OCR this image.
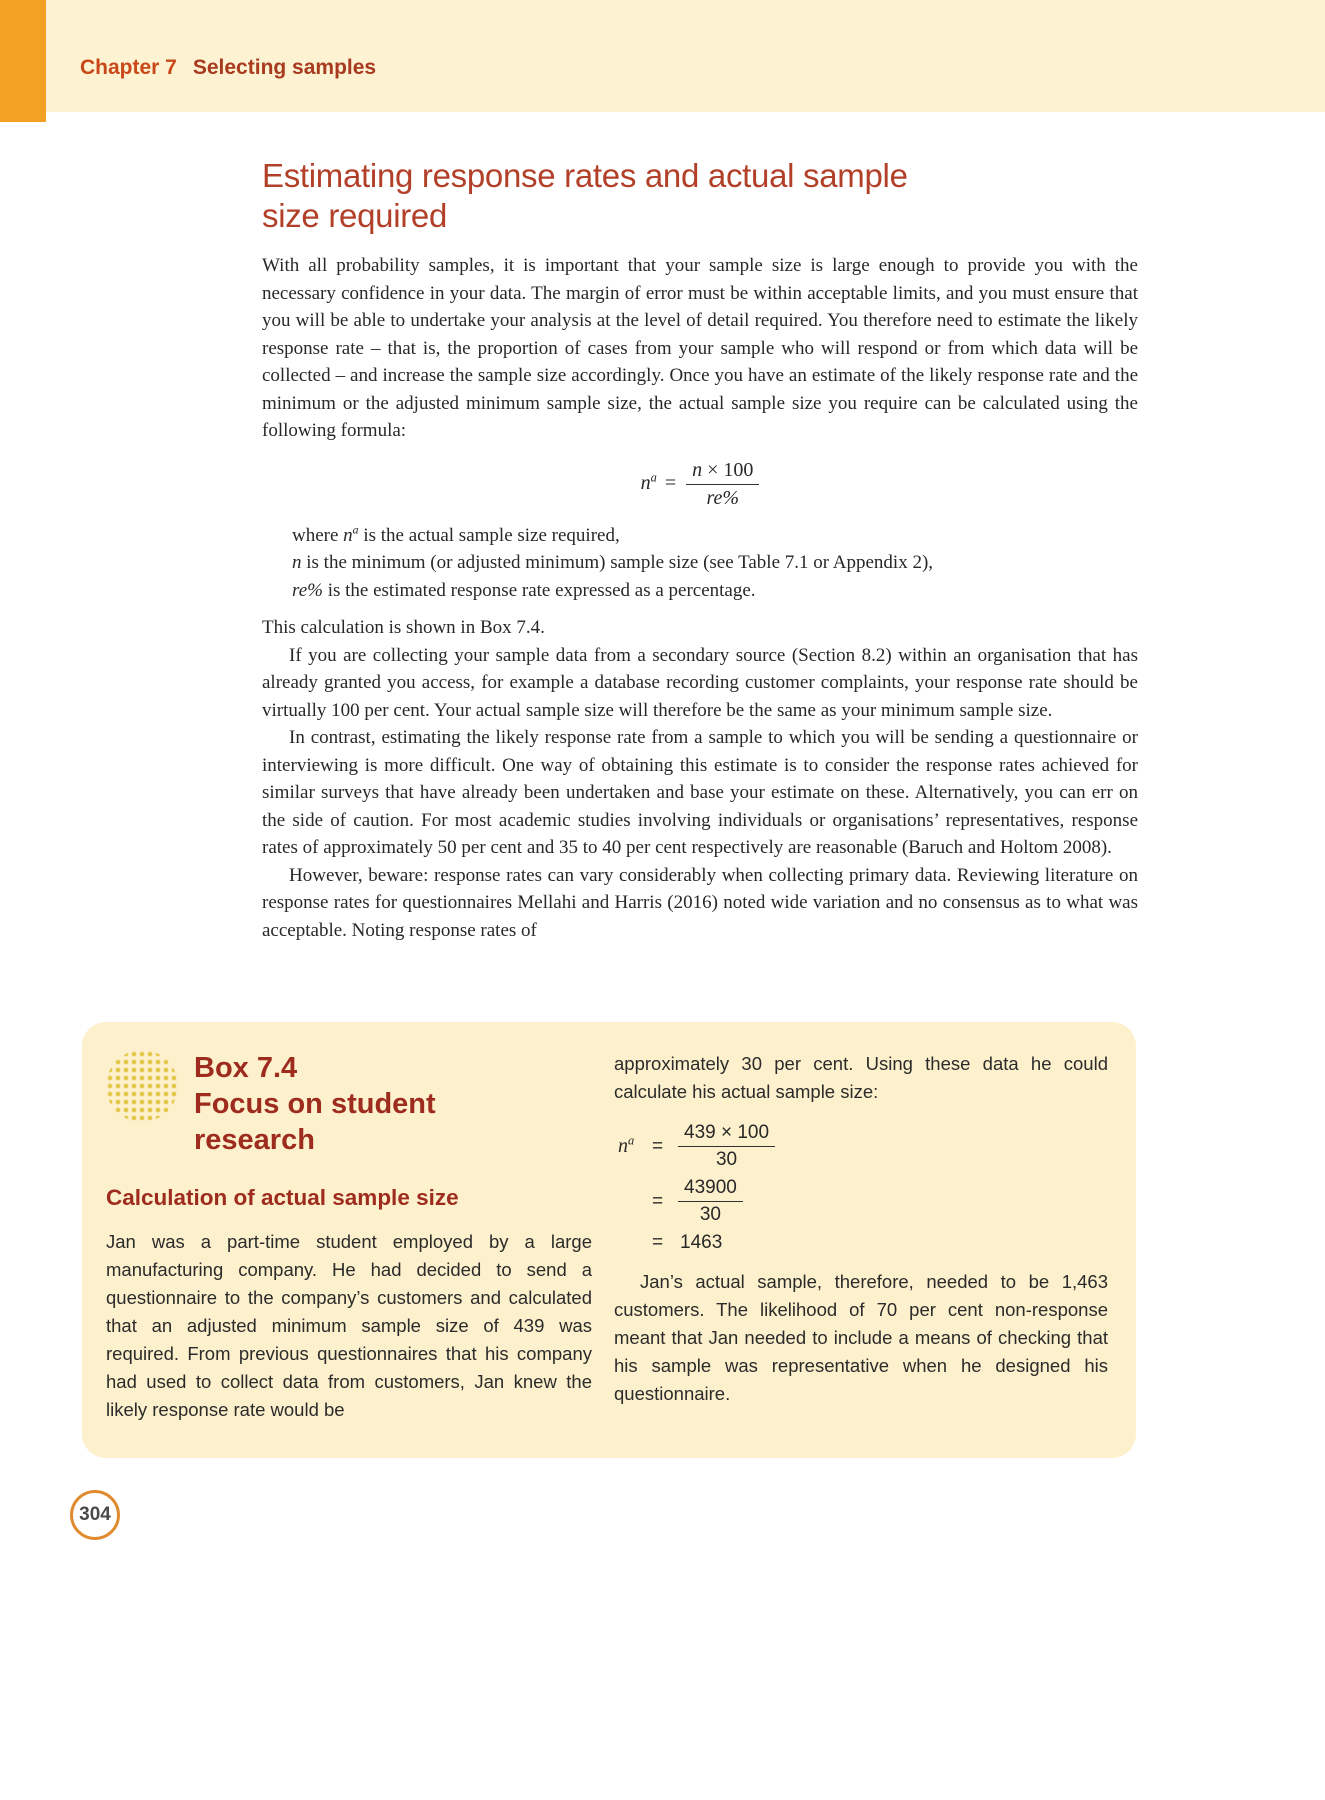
Chapter 7 Selecting samples
Estimating response rates and actual sample
size required

With all probability samples, it is important that your sample size is large enough to provide you with the necessary confidence in your data. The margin of error must be within acceptable limits, and you must ensure that you will be able to undertake your analysis at the level of detail required. You therefore need to estimate the likely response rate – that is, the proportion of cases from your sample who will respond or from which data will be collected – and increase the sample size accordingly. Once you have an estimate of the likely response rate and the minimum or the adjusted minimum sample size, the actual sample size you require can be calculated using the following formula:

$n^a = \frac{n \times 100}{re\%}$
where $n^a$ is the actual sample size required,
n is the minimum (or adjusted minimum) sample size (see Table 7.1 or Appendix 2),
re% is the estimated response rate expressed as a percentage.

This calculation is shown in Box 7.4.

If you are collecting your sample data from a secondary source (Section 8.2) within an organisation that has already granted you access, for example a database recording customer complaints, your response rate should be virtually 100 per cent. Your actual sample size will therefore be the same as your minimum sample size.

In contrast, estimating the likely response rate from a sample to which you will be sending a questionnaire or interviewing is more difficult. One way of obtaining this estimate is to consider the response rates achieved for similar surveys that have already been undertaken and base your estimate on these. Alternatively, you can err on the side of caution. For most academic studies involving individuals or organisations’ representatives, response rates of approximately 50 per cent and 35 to 40 per cent respectively are reasonable (Baruch and Holtom 2008).

However, beware: response rates can vary considerably when collecting primary data. Reviewing literature on response rates for questionnaires Mellahi and Harris (2016) noted wide variation and no consensus as to what was acceptable. Noting response rates of

Box 7.4
Focus on student research
Calculation of actual sample size

Jan was a part-time student employed by a large manufacturing company. He had decided to send a questionnaire to the company’s customers and calculated that an adjusted minimum sample size of 439 was required. From previous questionnaires that his company had used to collect data from customers, Jan knew the likely response rate would be

approximately 30 per cent. Using these data he could calculate his actual sample size:

$n^a = \frac{439 \times 100}{30}$
= $\frac{43900}{30}$
= 1463

Jan’s actual sample, therefore, needed to be 1,463 customers. The likelihood of 70 per cent non-response meant that Jan needed to include a means of checking that his sample was representative when he designed his questionnaire.

304
